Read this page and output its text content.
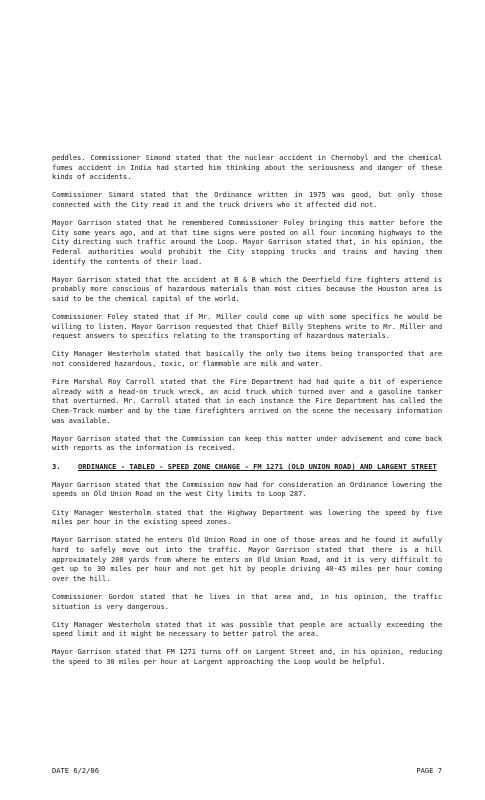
peddles. Commissioner Simond stated that the nuclear accident in Chernobyl and the chemical fumes accident in India had started him thinking about the seriousness and danger of these kinds of accidents.

Commissioner Simard stated that the Ordinance written in 1975 was good, but only those connected with the City read it and the truck drivers who it affected did not.

Mayor Garrison stated that he remembered Commissioner Foley bringing this matter before the City some years ago, and at that time signs were posted on all four incoming highways to the City directing such traffic around the Loop. Mayor Garrison stated that, in his opinion, the Federal authorities would prohibit the City stopping trucks and trains and having them identify the contents of their load.

Mayor Garrison stated that the accident at B & B which the Deerfield fire fighters attend is probably more conscious of hazardous materials than most cities because the Houston area is said to be the chemical capital of the world.

Commissioner Foley stated that if Mr. Miller could come up with some specifics he would be willing to listen. Mayor Garrison requested that Chief Billy Stephens write to Mr. Miller and request answers to specifics relating to the transporting of hazardous materials.

City Manager Westerholm stated that basically the only two items being transported that are not considered hazardous, toxic, or flammable are milk and water.

Fire Marshal Roy Carroll stated that the Fire Department had had quite a bit of experience already with a head-on truck wreck, an acid truck which turned over and a gasoline tanker that overturned. Mr. Carroll stated that in each instance the Fire Department has called the Chem-Track number and by the time firefighters arrived on the scene the necessary information was available.

Mayor Garrison stated that the Commission can keep this matter under advisement and come back with reports as the information is received.

3.	ORDINANCE - TABLED - SPEED ZONE CHANGE - FM 1271 (OLD UNION ROAD) AND LARGENT STREET

Mayor Garrison stated that the Commission now had for consideration an Ordinance lowering the speeds on Old Union Road on the west City limits to Loop 287.

City Manager Westerholm stated that the Highway Department was lowering the speed by five miles per hour in the existing speed zones.

Mayor Garrison stated he enters Old Union Road in one of those areas and he found it awfully hard to safely move out into the traffic. Mayor Garrison stated that there is a hill approximately 200 yards from where he enters on Old Union Road, and it is very difficult to get up to 30 miles per hour and not get hit by people driving 40-45 miles per hour coming over the hill.

Commissioner Gordon stated that he lives in that area and, in his opinion, the traffic situation is very dangerous.

City Manager Westerholm stated that it was possible that people are actually exceeding the speed limit and it might be necessary to better patrol the area.

Mayor Garrison stated that FM 1271 turns off on Largent Street and, in his opinion, reducing the speed to 30 miles per hour at Largent approaching the Loop would be helpful.

DATE 6/2/86	PAGE 7
